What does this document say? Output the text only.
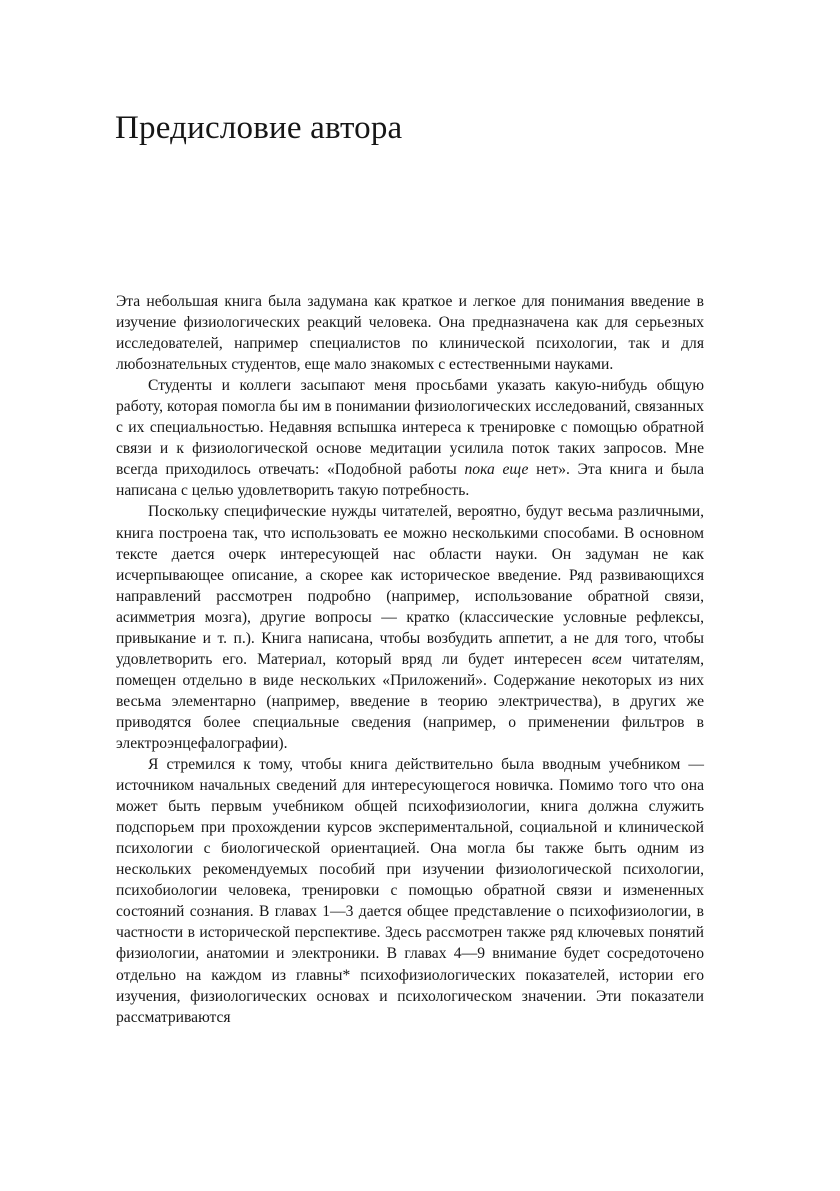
Предисловие автора

Эта небольшая книга была задумана как краткое и легкое для понимания введение в изучение физиологических реакций человека. Она предназначена как для серьезных исследователей, например специалистов по клинической психологии, так и для любознательных студентов, еще мало знакомых с естественными науками.

Студенты и коллеги засыпают меня просьбами указать какую-нибудь общую работу, которая помогла бы им в понимании физиологических исследований, связанных с их специальностью. Недавняя вспышка интереса к тренировке с помощью обратной связи и к физиологической основе медитации усилила поток таких запросов. Мне всегда приходилось отвечать: «Подобной работы пока еще нет». Эта книга и была написана с целью удовлетворить такую потребность.

Поскольку специфические нужды читателей, вероятно, будут весьма различными, книга построена так, что использовать ее можно несколькими способами. В основном тексте дается очерк интересующей нас области науки. Он задуман не как исчерпывающее описание, а скорее как историческое введение. Ряд развивающихся направлений рассмотрен подробно (например, использование обратной связи, асимметрия мозга), другие вопросы — кратко (классические условные рефлексы, привыкание и т. п.). Книга написана, чтобы возбудить аппетит, а не для того, чтобы удовлетворить его. Материал, который вряд ли будет интересен всем читателям, помещен отдельно в виде нескольких «Приложений». Содержание некоторых из них весьма элементарно (например, введение в теорию электричества), в других же приводятся более специальные сведения (например, о применении фильтров в электроэнцефалографии).

Я стремился к тому, чтобы книга действительно была вводным учебником — источником начальных сведений для интересующегося новичка. Помимо того что она может быть первым учебником общей психофизиологии, книга должна служить подспорьем при прохождении курсов экспериментальной, социальной и клинической психологии с биологической ориентацией. Она могла бы также быть одним из нескольких рекомендуемых пособий при изучении физиологической психологии, психобиологии человека, тренировки с помощью обратной связи и измененных состояний сознания. В главах 1—3 дается общее представление о психофизиологии, в частности в исторической перспективе. Здесь рассмотрен также ряд ключевых понятий физиологии, анатомии и электроники. В главах 4—9 внимание будет сосредоточено отдельно на каждом из главны* психофизиологических показателей, истории его изучения, физиологических основах и психологическом значении. Эти показатели рассматриваются
